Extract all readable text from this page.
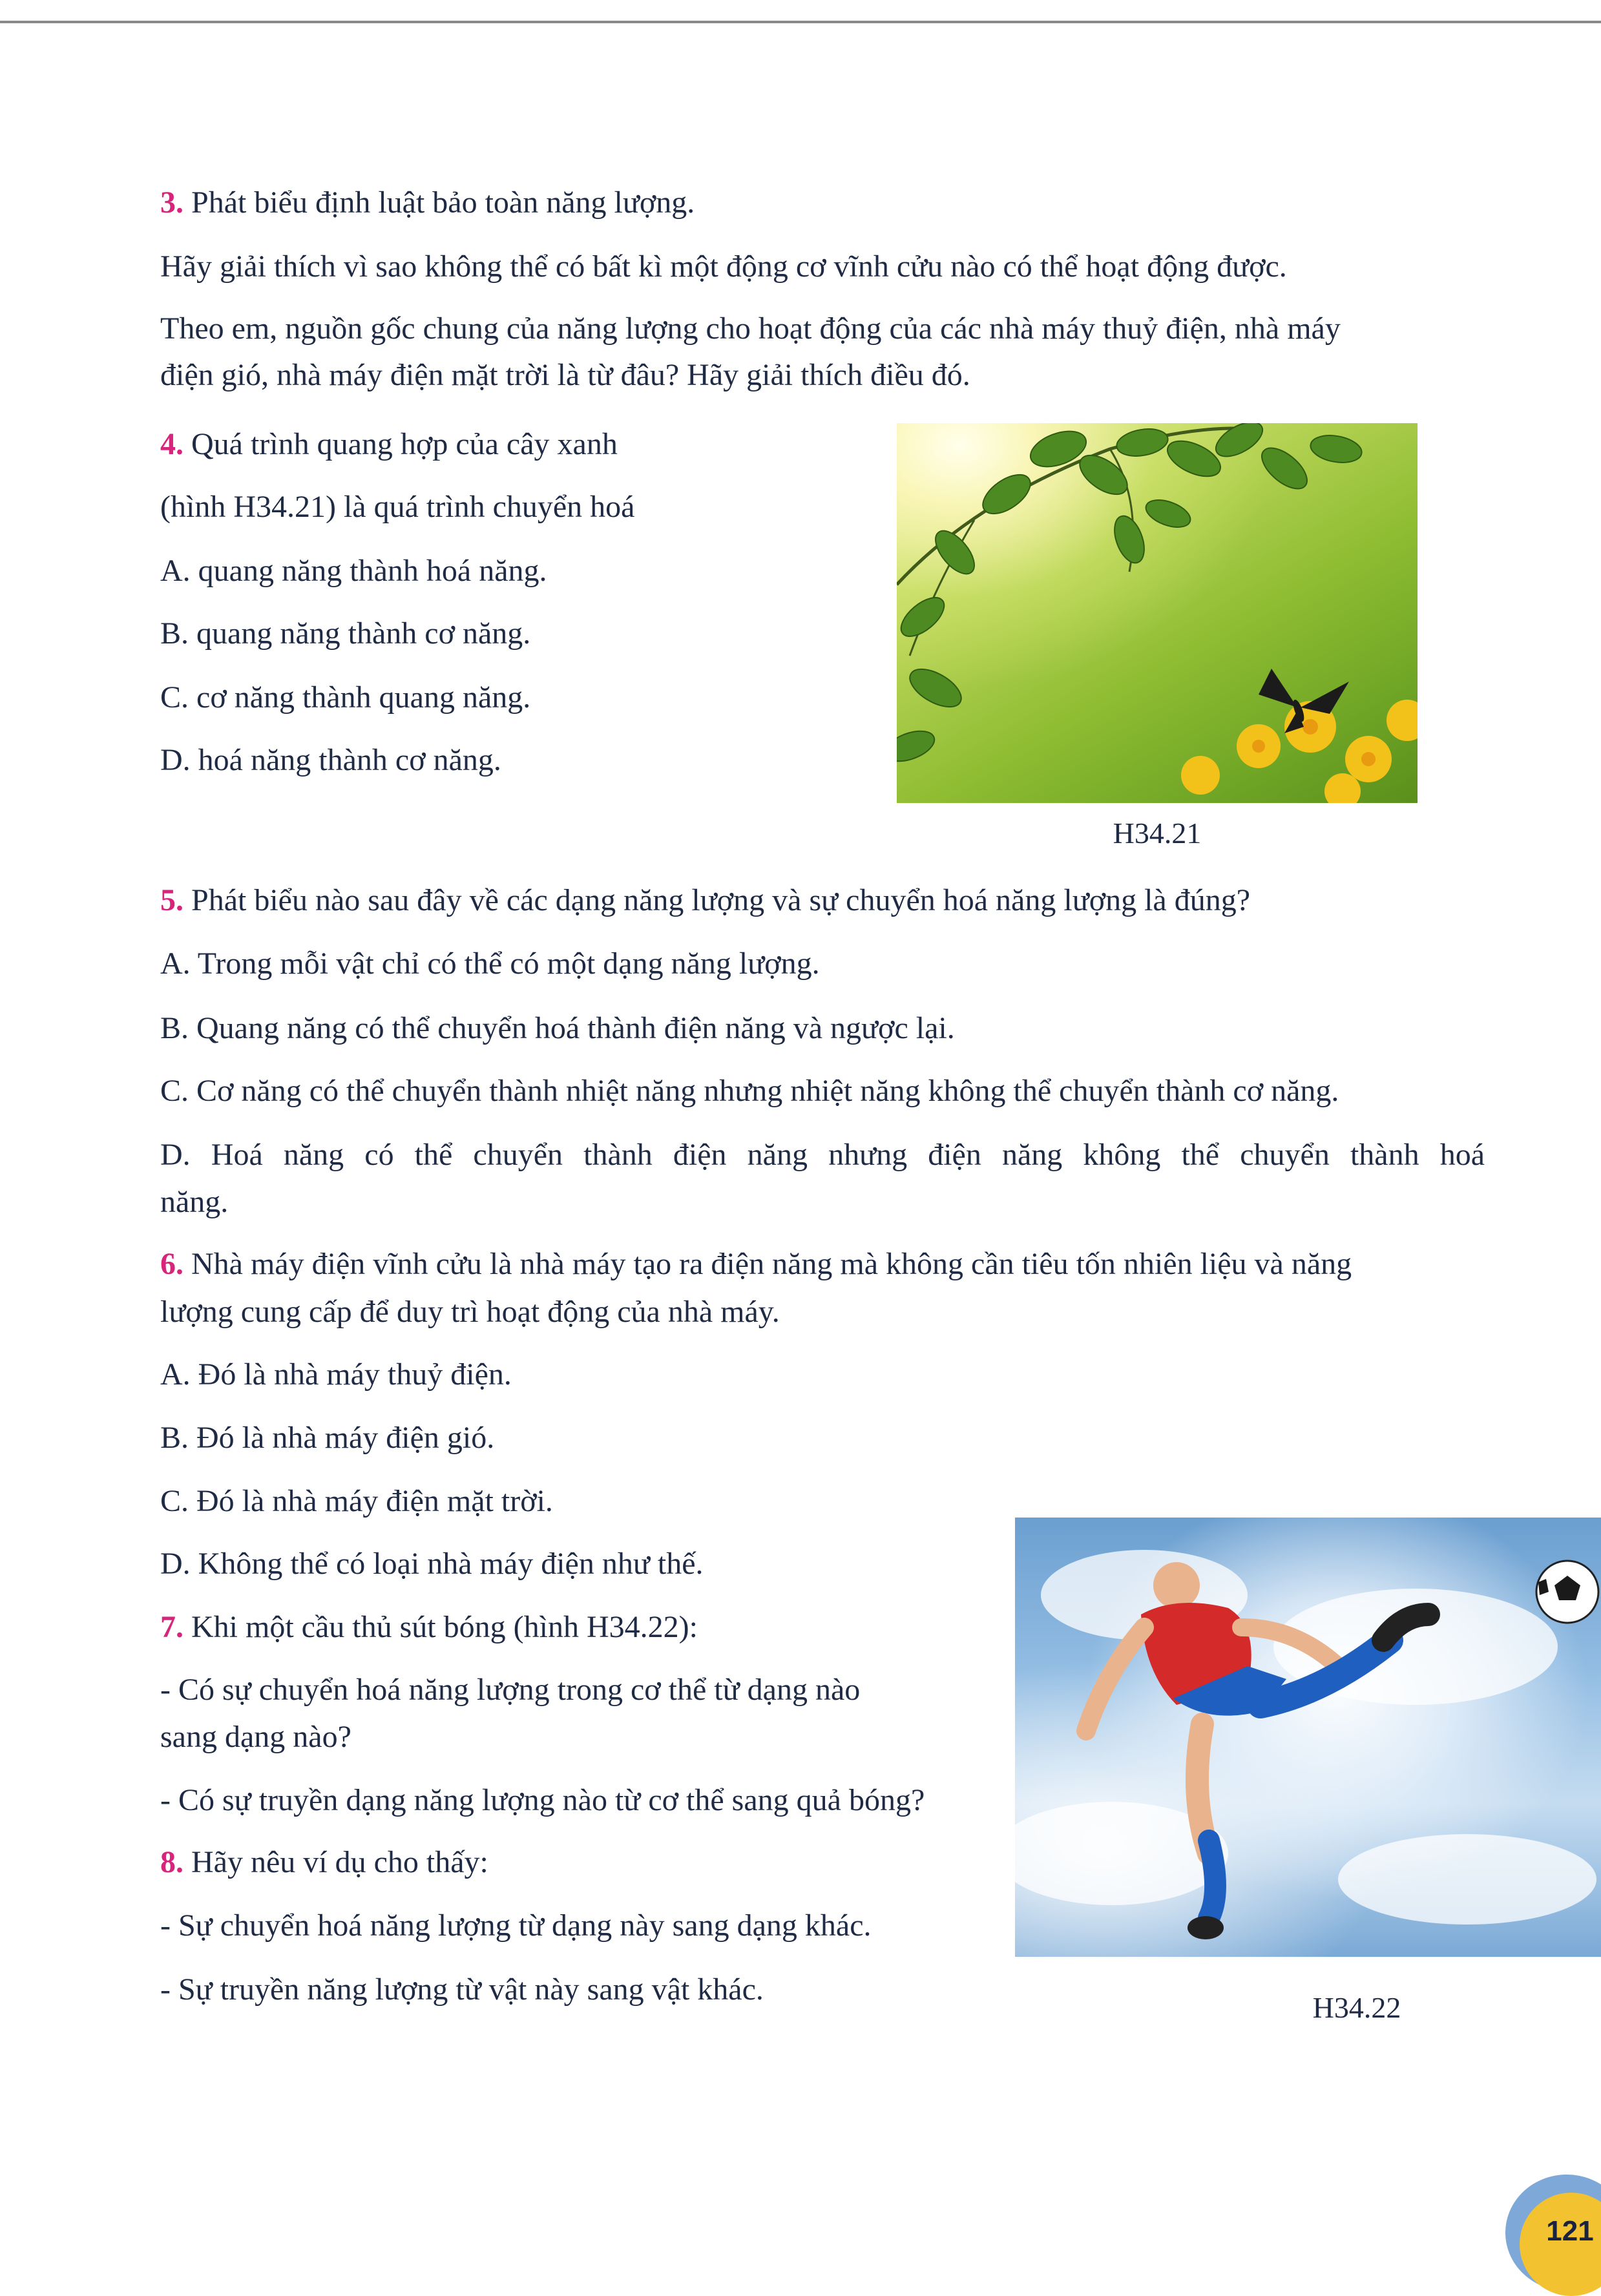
3. Phát biểu định luật bảo toàn năng lượng.

Hãy giải thích vì sao không thể có bất kì một động cơ vĩnh cửu nào có thể hoạt động được.

Theo em, nguồn gốc chung của năng lượng cho hoạt động của các nhà máy thuỷ điện, nhà máy

điện gió, nhà máy điện mặt trời là từ đâu? Hãy giải thích điều đó.

4. Quá trình quang hợp của cây xanh

(hình H34.21) là quá trình chuyển hoá

A. quang năng thành hoá năng.

B. quang năng thành cơ năng.

C. cơ năng thành quang năng.

D. hoá năng thành cơ năng.

H34.21

5. Phát biểu nào sau đây về các dạng năng lượng và sự chuyển hoá năng lượng là đúng?

A. Trong mỗi vật chỉ có thể có một dạng năng lượng.

B. Quang năng có thể chuyển hoá thành điện năng và ngược lại.

C. Cơ năng có thể chuyển thành nhiệt năng nhưng nhiệt năng không thể chuyển thành cơ năng.

D. Hoá năng có thể chuyển thành điện năng nhưng điện năng không thể chuyển thành hoá

năng.

6. Nhà máy điện vĩnh cửu là nhà máy tạo ra điện năng mà không cần tiêu tốn nhiên liệu và năng

lượng cung cấp để duy trì hoạt động của nhà máy.

A. Đó là nhà máy thuỷ điện.

B. Đó là nhà máy điện gió.

C. Đó là nhà máy điện mặt trời.

D. Không thể có loại nhà máy điện như thế.

7. Khi một cầu thủ sút bóng (hình H34.22):

- Có sự chuyển hoá năng lượng trong cơ thể từ dạng nào

sang dạng nào?

- Có sự truyền dạng năng lượng nào từ cơ thể sang quả bóng?

8. Hãy nêu ví dụ cho thấy:

- Sự chuyển hoá năng lượng từ dạng này sang dạng khác.

- Sự truyền năng lượng từ vật này sang vật khác.

H34.22
121
